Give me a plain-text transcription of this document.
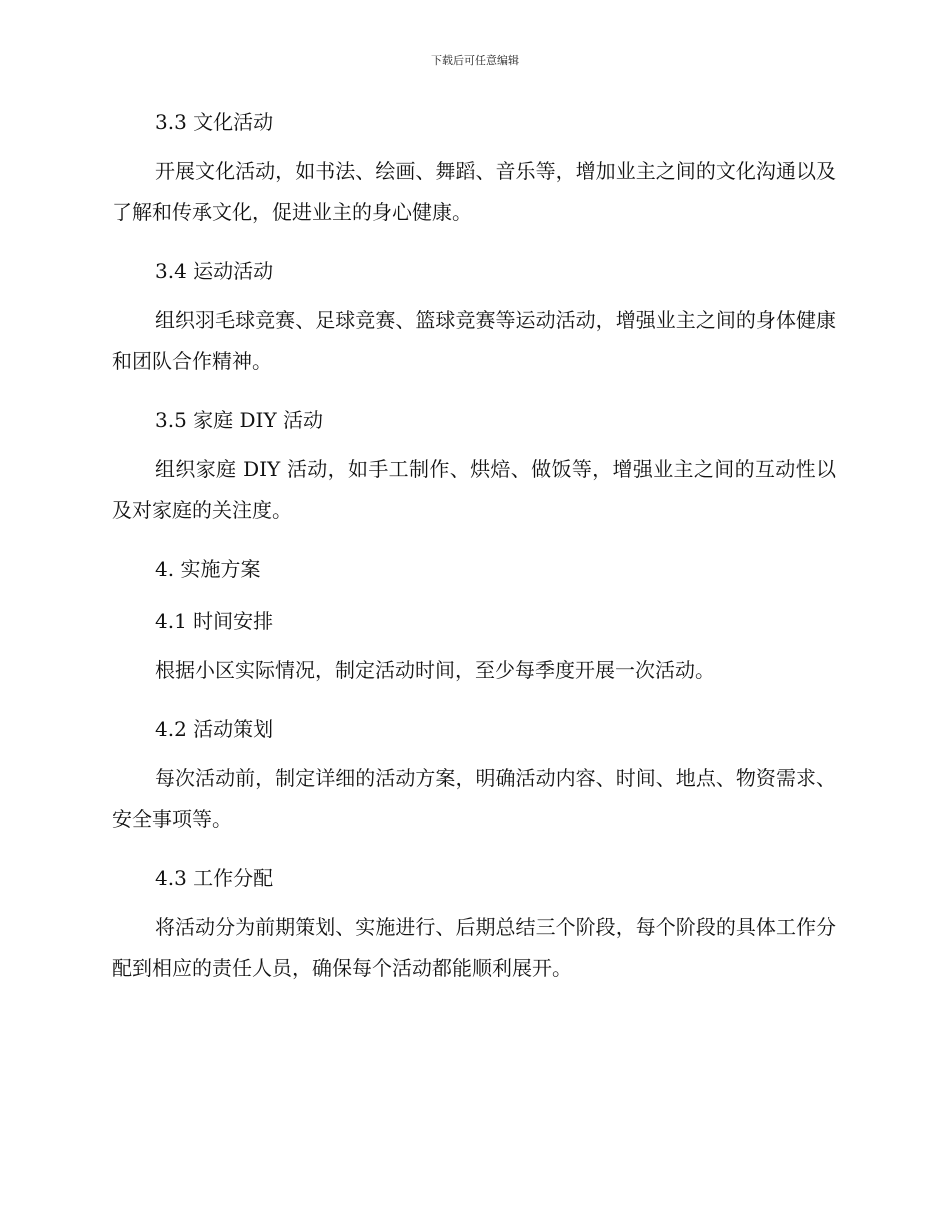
下载后可任意编辑
3.3 文化活动

开展文化活动，如书法、绘画、舞蹈、音乐等，增加业主之间的文化沟通以及了解和传承文化，促进业主的身心健康。

3.4 运动活动

组织羽毛球竞赛、足球竞赛、篮球竞赛等运动活动，增强业主之间的身体健康和团队合作精神。

3.5 家庭 DIY 活动

组织家庭 DIY 活动，如手工制作、烘焙、做饭等，增强业主之间的互动性以及对家庭的关注度。

4. 实施方案
4.1 时间安排

根据小区实际情况，制定活动时间，至少每季度开展一次活动。

4.2 活动策划

每次活动前，制定详细的活动方案，明确活动内容、时间、地点、物资需求、安全事项等。

4.3 工作分配

将活动分为前期策划、实施进行、后期总结三个阶段，每个阶段的具体工作分配到相应的责任人员，确保每个活动都能顺利展开。
